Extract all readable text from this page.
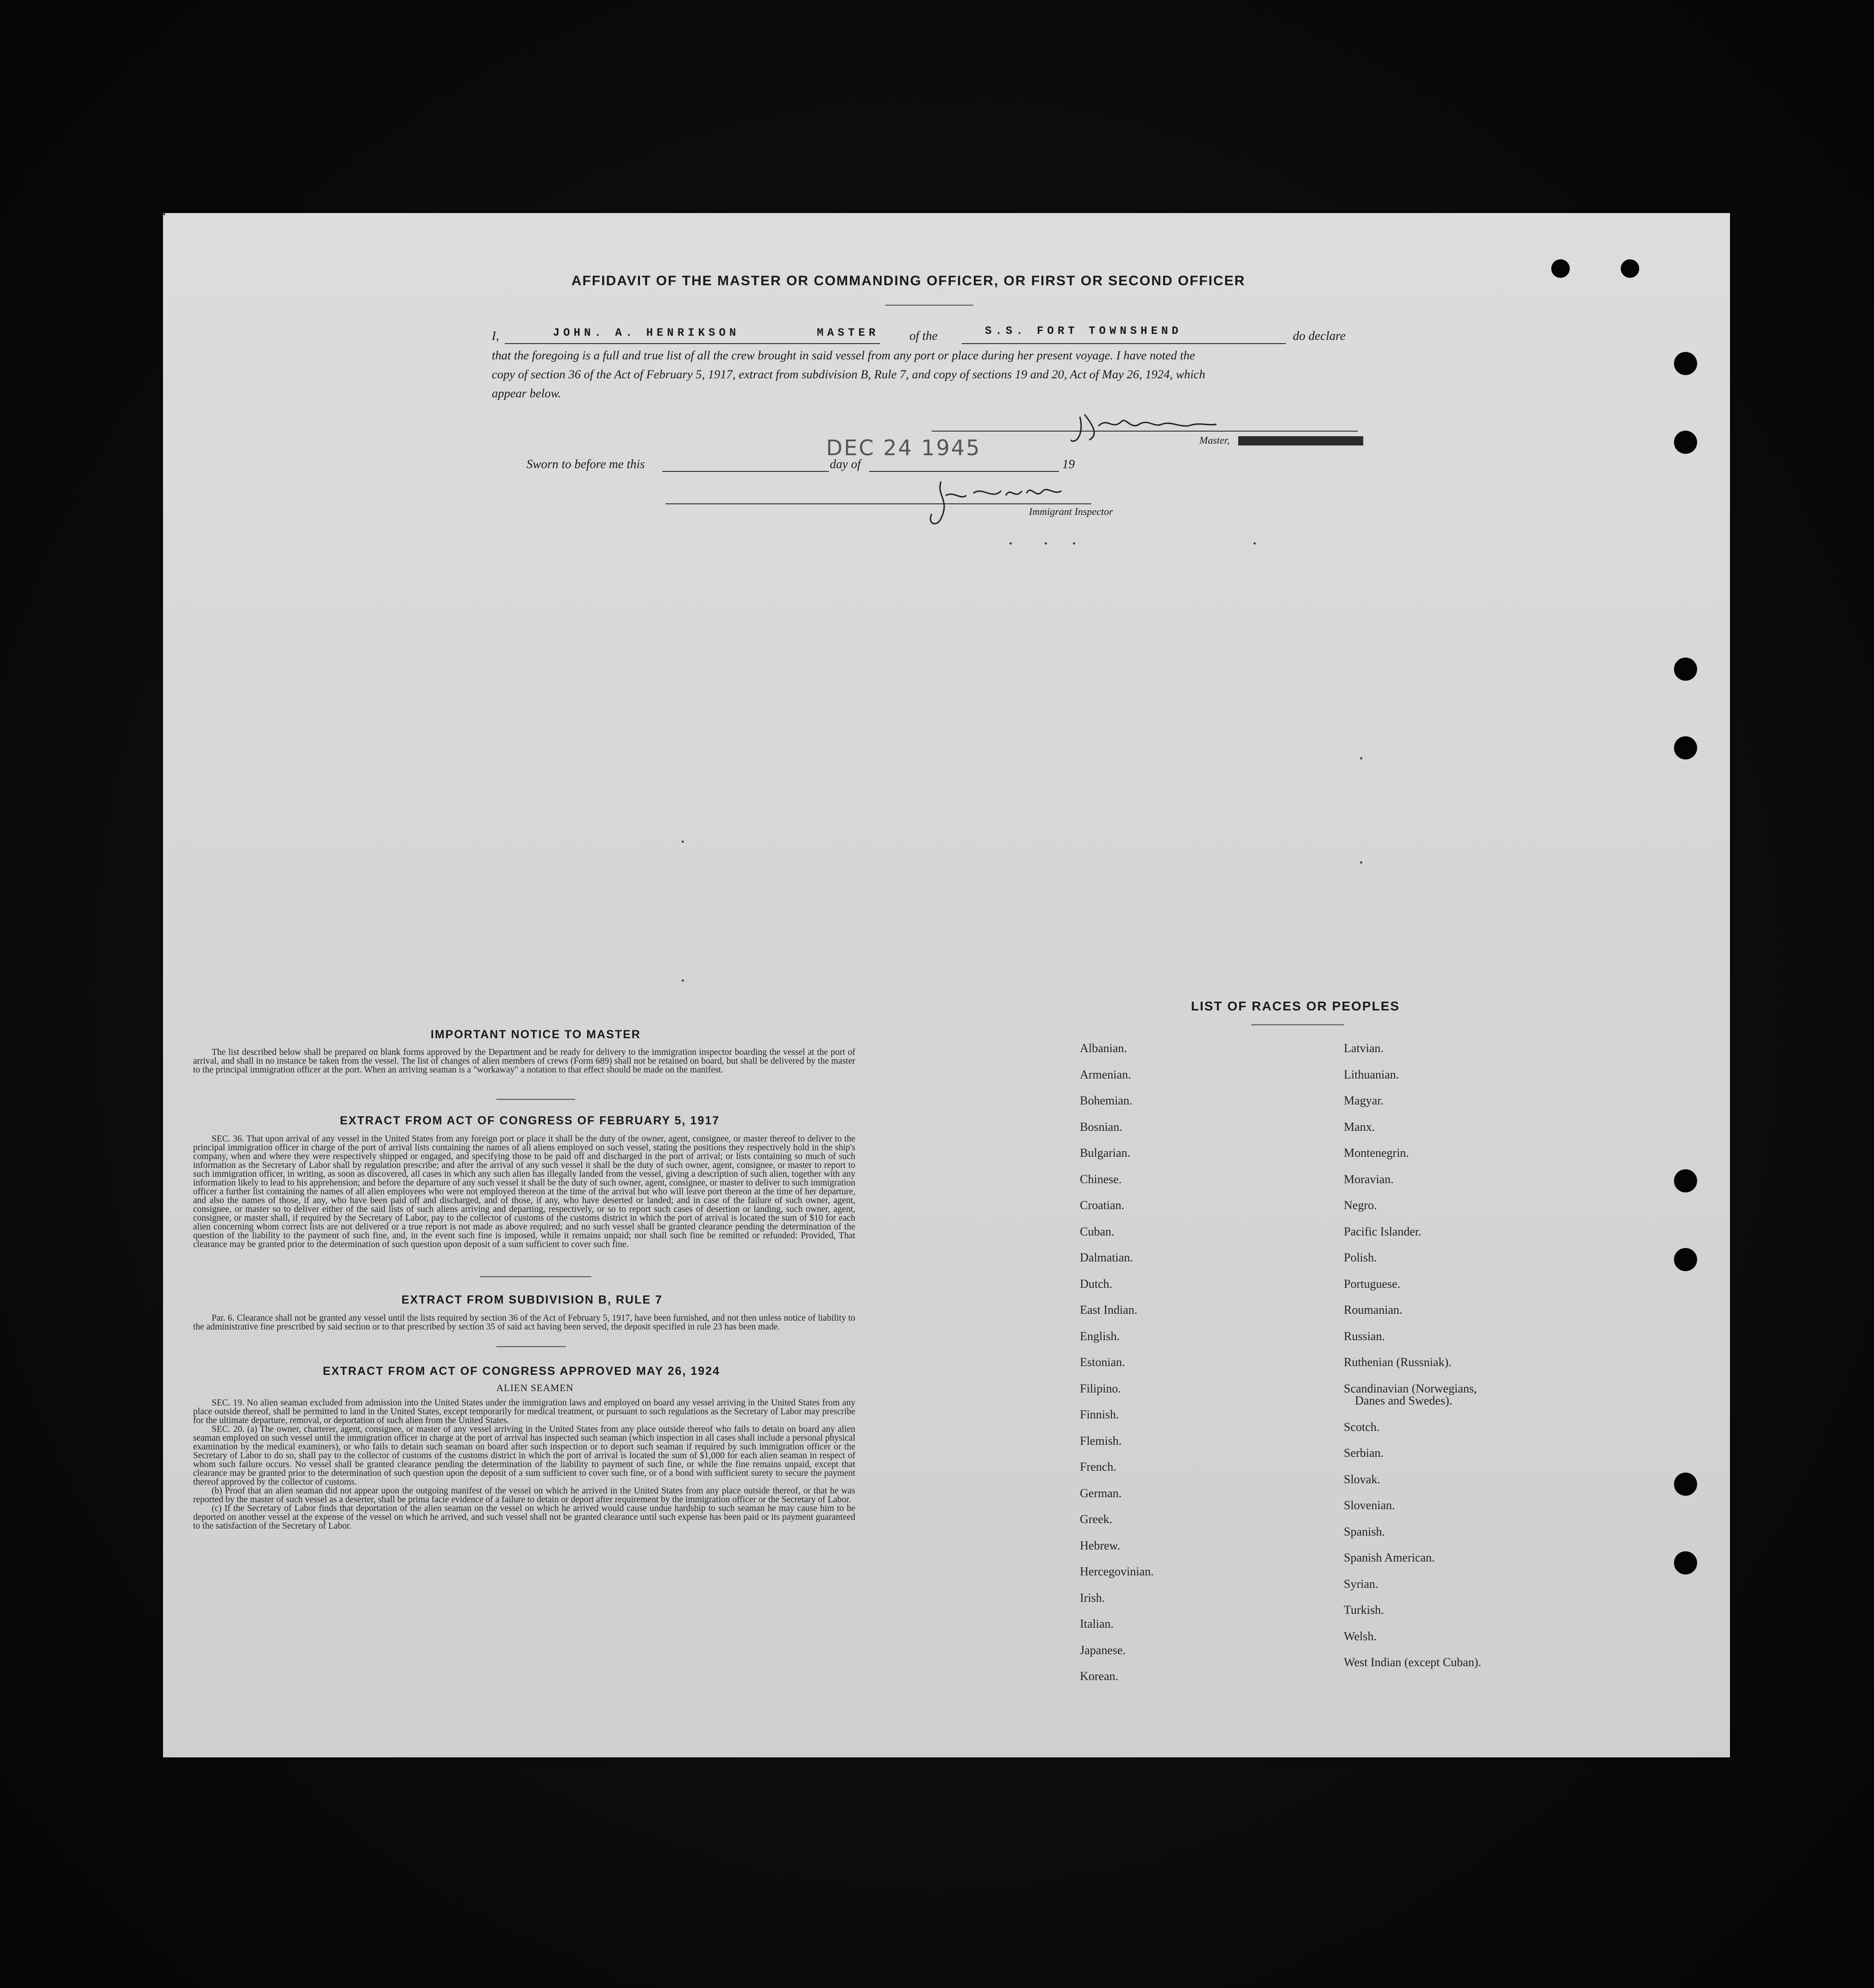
AFFIDAVIT OF THE MASTER OR COMMANDING OFFICER, OR FIRST OR SECOND OFFICER
I,	JOHN. A. HENRIKSON	MASTER of the	S.S. FORT TOWNSHEND	do declare
that the foregoing is a full and true list of all the crew brought in said vessel from any port or place during her present voyage. I have noted the
copy of section 36 of the Act of February 5, 1917, extract from subdivision B, Rule 7, and copy of sections 19 and 20, Act of May 26, 1924, which
appear below.
Master,
Sworn to before me this	day of
DEC 24 1945
19
Immigrant Inspector
IMPORTANT NOTICE TO MASTER

The list described below shall be prepared on blank forms approved by the Department and be ready for delivery to the immigration inspector boarding the vessel at the port of arrival, and shall in no instance be taken from the vessel. The list of changes of alien members of crews (Form 689) shall not be retained on board, but shall be delivered by the master to the principal immigration officer at the port. When an arriving seaman is a "workaway" a notation to that effect should be made on the manifest.

EXTRACT FROM ACT OF CONGRESS OF FEBRUARY 5, 1917

SEC. 36. That upon arrival of any vessel in the United States from any foreign port or place it shall be the duty of the owner, agent, consignee, or master thereof to deliver to the principal immigration officer in charge of the port of arrival lists containing the names of all aliens employed on such vessel, stating the positions they respectively hold in the ship's company, when and where they were respectively shipped or engaged, and specifying those to be paid off and discharged in the port of arrival; or lists containing so much of such information as the Secretary of Labor shall by regulation prescribe; and after the arrival of any such vessel it shall be the duty of such owner, agent, consignee, or master to report to such immigration officer, in writing, as soon as discovered, all cases in which any such alien has illegally landed from the vessel, giving a description of such alien, together with any information likely to lead to his apprehension; and before the departure of any such vessel it shall be the duty of such owner, agent, consignee, or master to deliver to such immigration officer a further list containing the names of all alien employees who were not employed thereon at the time of the arrival but who will leave port thereon at the time of her departure, and also the names of those, if any, who have been paid off and discharged, and of those, if any, who have deserted or landed; and in case of the failure of such owner, agent, consignee, or master so to deliver either of the said lists of such aliens arriving and departing, respectively, or so to report such cases of desertion or landing, such owner, agent, consignee, or master shall, if required by the Secretary of Labor, pay to the collector of customs of the customs district in which the port of arrival is located the sum of $10 for each alien concerning whom correct lists are not delivered or a true report is not made as above required; and no such vessel shall be granted clearance pending the determination of the question of the liability to the payment of such fine, and, in the event such fine is imposed, while it remains unpaid; nor shall such fine be remitted or refunded: Provided, That clearance may be granted prior to the determination of such question upon deposit of a sum sufficient to cover such fine.

EXTRACT FROM SUBDIVISION B, RULE 7

Par. 6. Clearance shall not be granted any vessel until the lists required by section 36 of the Act of February 5, 1917, have been furnished, and not then unless notice of liability to the administrative fine prescribed by said section or to that prescribed by section 35 of said act having been served, the deposit specified in rule 23 has been made.

EXTRACT FROM ACT OF CONGRESS APPROVED MAY 26, 1924
ALIEN SEAMEN

SEC. 19. No alien seaman excluded from admission into the United States under the immigration laws and employed on board any vessel arriving in the United States from any place outside thereof, shall be permitted to land in the United States, except temporarily for medical treatment, or pursuant to such regulations as the Secretary of Labor may prescribe for the ultimate departure, removal, or deportation of such alien from the United States.

SEC. 20. (a) The owner, charterer, agent, consignee, or master of any vessel arriving in the United States from any place outside thereof who fails to detain on board any alien seaman employed on such vessel until the immigration officer in charge at the port of arrival has inspected such seaman (which inspection in all cases shall include a personal physical examination by the medical examiners), or who fails to detain such seaman on board after such inspection or to deport such seaman if required by such immigration officer or the Secretary of Labor to do so, shall pay to the collector of customs of the customs district in which the port of arrival is located the sum of $1,000 for each alien seaman in respect of whom such failure occurs. No vessel shall be granted clearance pending the determination of the liability to payment of such fine, or while the fine remains unpaid, except that clearance may be granted prior to the determination of such question upon the deposit of a sum sufficient to cover such fine, or of a bond with sufficient surety to secure the payment thereof approved by the collector of customs.

(b) Proof that an alien seaman did not appear upon the outgoing manifest of the vessel on which he arrived in the United States from any place outside thereof, or that he was reported by the master of such vessel as a deserter, shall be prima facie evidence of a failure to detain or deport after requirement by the immigration officer or the Secretary of Labor.

(c) If the Secretary of Labor finds that deportation of the alien seaman on the vessel on which he arrived would cause undue hardship to such seaman he may cause him to be deported on another vessel at the expense of the vessel on which he arrived, and such vessel shall not be granted clearance until such expense has been paid or its payment guaranteed to the satisfaction of the Secretary of Labor.

LIST OF RACES OR PEOPLES
Albanian.
Armenian.
Bohemian.
Bosnian.
Bulgarian.
Chinese.
Croatian.
Cuban.
Dalmatian.
Dutch.
East Indian.
English.
Estonian.
Filipino.
Finnish.
Flemish.
French.
German.
Greek.
Hebrew.
Hercegovinian.
Irish.
Italian.
Japanese.
Korean.
Latvian.
Lithuanian.
Magyar.
Manx.
Montenegrin.
Moravian.
Negro.
Pacific Islander.
Polish.
Portuguese.
Roumanian.
Russian.
Ruthenian (Russniak).
Scandinavian (Norwegians,
Danes and Swedes).
Scotch.
Serbian.
Slovak.
Slovenian.
Spanish.
Spanish American.
Syrian.
Turkish.
Welsh.
West Indian (except Cuban).
